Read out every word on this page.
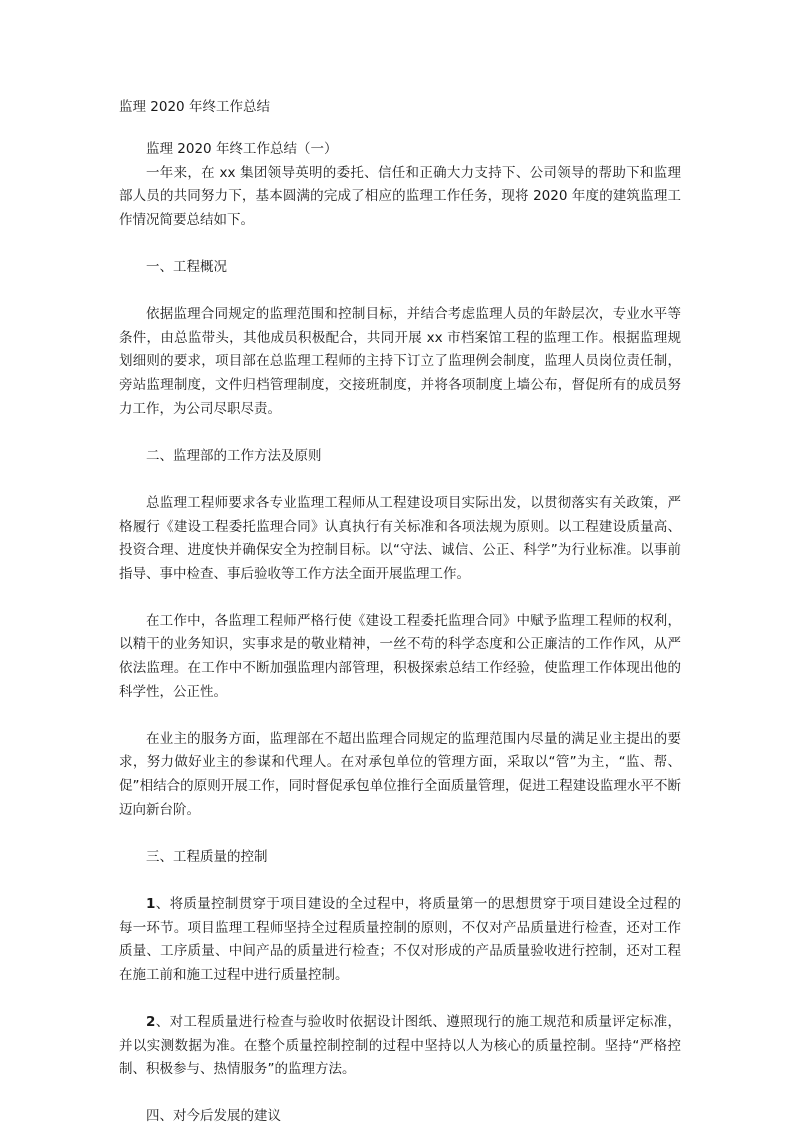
监理 2020 年终工作总结

监理 2020 年终工作总结（一）

一年来，在 xx 集团领导英明的委托、信任和正确大力支持下、公司领导的帮助下和监理部人员的共同努力下，基本圆满的完成了相应的监理工作任务，现将 2020 年度的建筑监理工作情况简要总结如下。

一、工程概况

依据监理合同规定的监理范围和控制目标，并结合考虑监理人员的年龄层次，专业水平等条件，由总监带头，其他成员积极配合，共同开展 xx 市档案馆工程的监理工作。根据监理规划细则的要求，项目部在总监理工程师的主持下订立了监理例会制度，监理人员岗位责任制，旁站监理制度，文件归档管理制度，交接班制度，并将各项制度上墙公布，督促所有的成员努力工作，为公司尽职尽责。

二、监理部的工作方法及原则

总监理工程师要求各专业监理工程师从工程建设项目实际出发，以贯彻落实有关政策，严格履行《建设工程委托监理合同》认真执行有关标准和各项法规为原则。以工程建设质量高、投资合理、进度快并确保安全为控制目标。以“守法、诚信、公正、科学”为行业标准。以事前指导、事中检查、事后验收等工作方法全面开展监理工作。

在工作中，各监理工程师严格行使《建设工程委托监理合同》中赋予监理工程师的权利，以精干的业务知识，实事求是的敬业精神，一丝不苟的科学态度和公正廉洁的工作作风，从严依法监理。在工作中不断加强监理内部管理，积极探索总结工作经验，使监理工作体现出他的科学性，公正性。

在业主的服务方面，监理部在不超出监理合同规定的监理范围内尽量的满足业主提出的要求，努力做好业主的参谋和代理人。在对承包单位的管理方面，采取以“管”为主，“监、帮、促”相结合的原则开展工作，同时督促承包单位推行全面质量管理，促进工程建设监理水平不断迈向新台阶。

三、工程质量的控制

1、将质量控制贯穿于项目建设的全过程中，将质量第一的思想贯穿于项目建设全过程的每一环节。项目监理工程师坚持全过程质量控制的原则，不仅对产品质量进行检查，还对工作质量、工序质量、中间产品的质量进行检查；不仅对形成的产品质量验收进行控制，还对工程在施工前和施工过程中进行质量控制。

2、对工程质量进行检查与验收时依据设计图纸、遵照现行的施工规范和质量评定标准，并以实测数据为准。在整个质量控制控制的过程中坚持以人为核心的质量控制。坚持“严格控制、积极参与、热情服务”的监理方法。

四、对今后发展的建议
